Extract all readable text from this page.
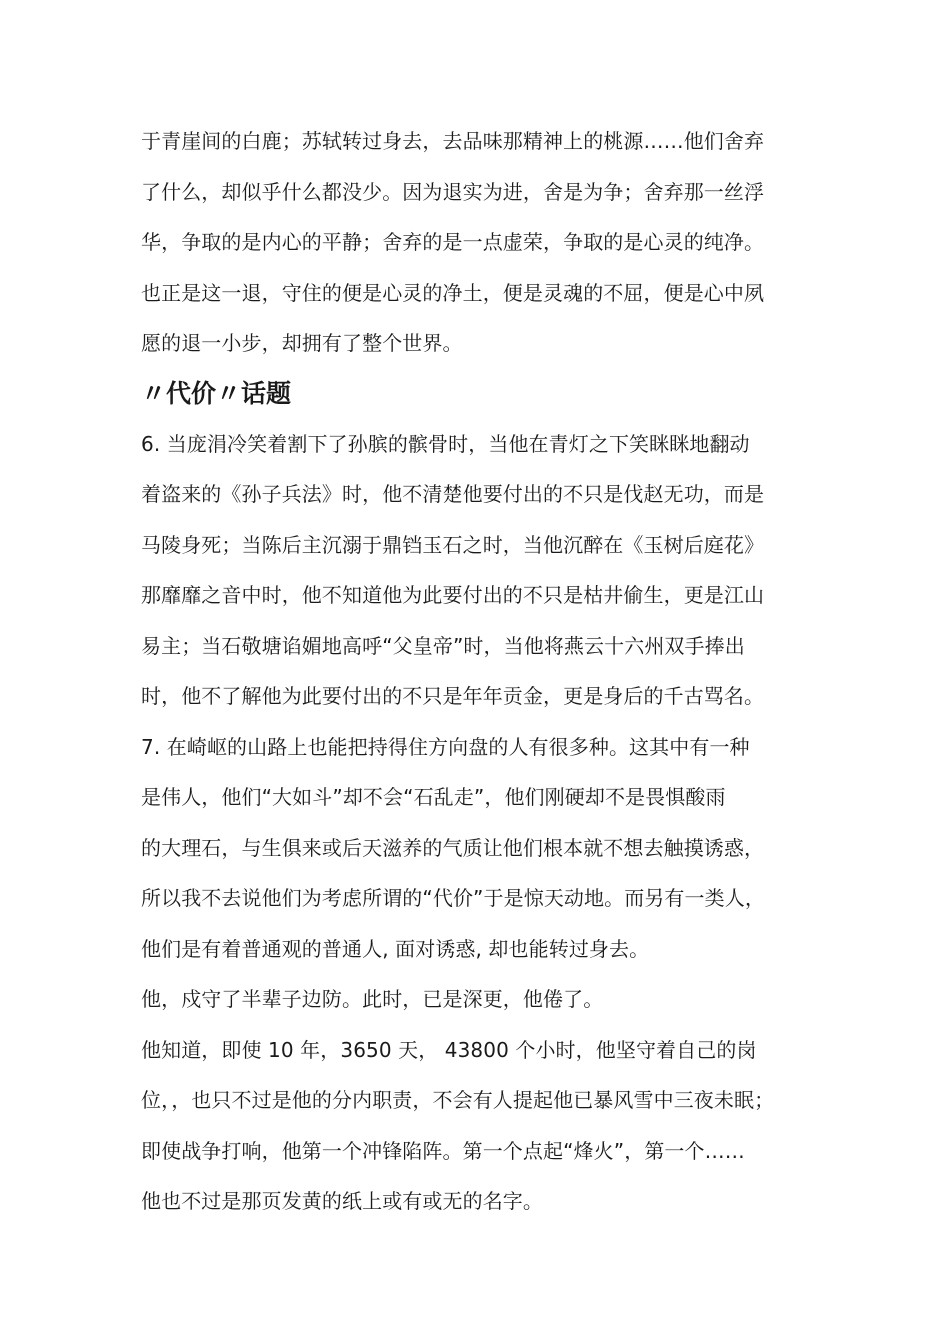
于青崖间的白鹿；苏轼转过身去，去品味那精神上的桃源……他们舍弃
了什么，却似乎什么都没少。因为退实为进，舍是为争；舍弃那一丝浮
华，争取的是内心的平静；舍弃的是一点虚荣，争取的是心灵的纯净。
也正是这一退，守住的便是心灵的净土，便是灵魂的不屈，便是心中夙
愿的退一小步，却拥有了整个世界。
〃代价〃话题
6. 当庞涓冷笑着割下了孙膑的髌骨时，当他在青灯之下笑眯眯地翻动
着盗来的《孙子兵法》时，他不清楚他要付出的不只是伐赵无功，而是
马陵身死；当陈后主沉溺于鼎铛玉石之时，当他沉醉在《玉树后庭花》
那靡靡之音中时，他不知道他为此要付出的不只是枯井偷生，更是江山
易主；当石敬塘谄媚地高呼“父皇帝”时，当他将燕云十六州双手捧出
时，他不了解他为此要付出的不只是年年贡金，更是身后的千古骂名。
7. 在崎岖的山路上也能把持得住方向盘的人有很多种。这其中有一种
是伟人，他们“大如斗”却不会“石乱走”，他们刚硬却不是畏惧酸雨
的大理石，与生俱来或后天滋养的气质让他们根本就不想去触摸诱惑，
所以我不去说他们为考虑所谓的“代价”于是惊天动地。而另有一类人，
他们是有着普通观的普通人, 面对诱惑, 却也能转过身去。
他，戍守了半辈子边防。此时，已是深更，他倦了。
他知道，即使 10 年，3650 天， 43800 个小时，他坚守着自己的岗
位，，也只不过是他的分内职责，不会有人提起他已暴风雪中三夜未眠；
即使战争打响，他第一个冲锋陷阵。第一个点起“烽火”，第一个……
他也不过是那页发黄的纸上或有或无的名字。
